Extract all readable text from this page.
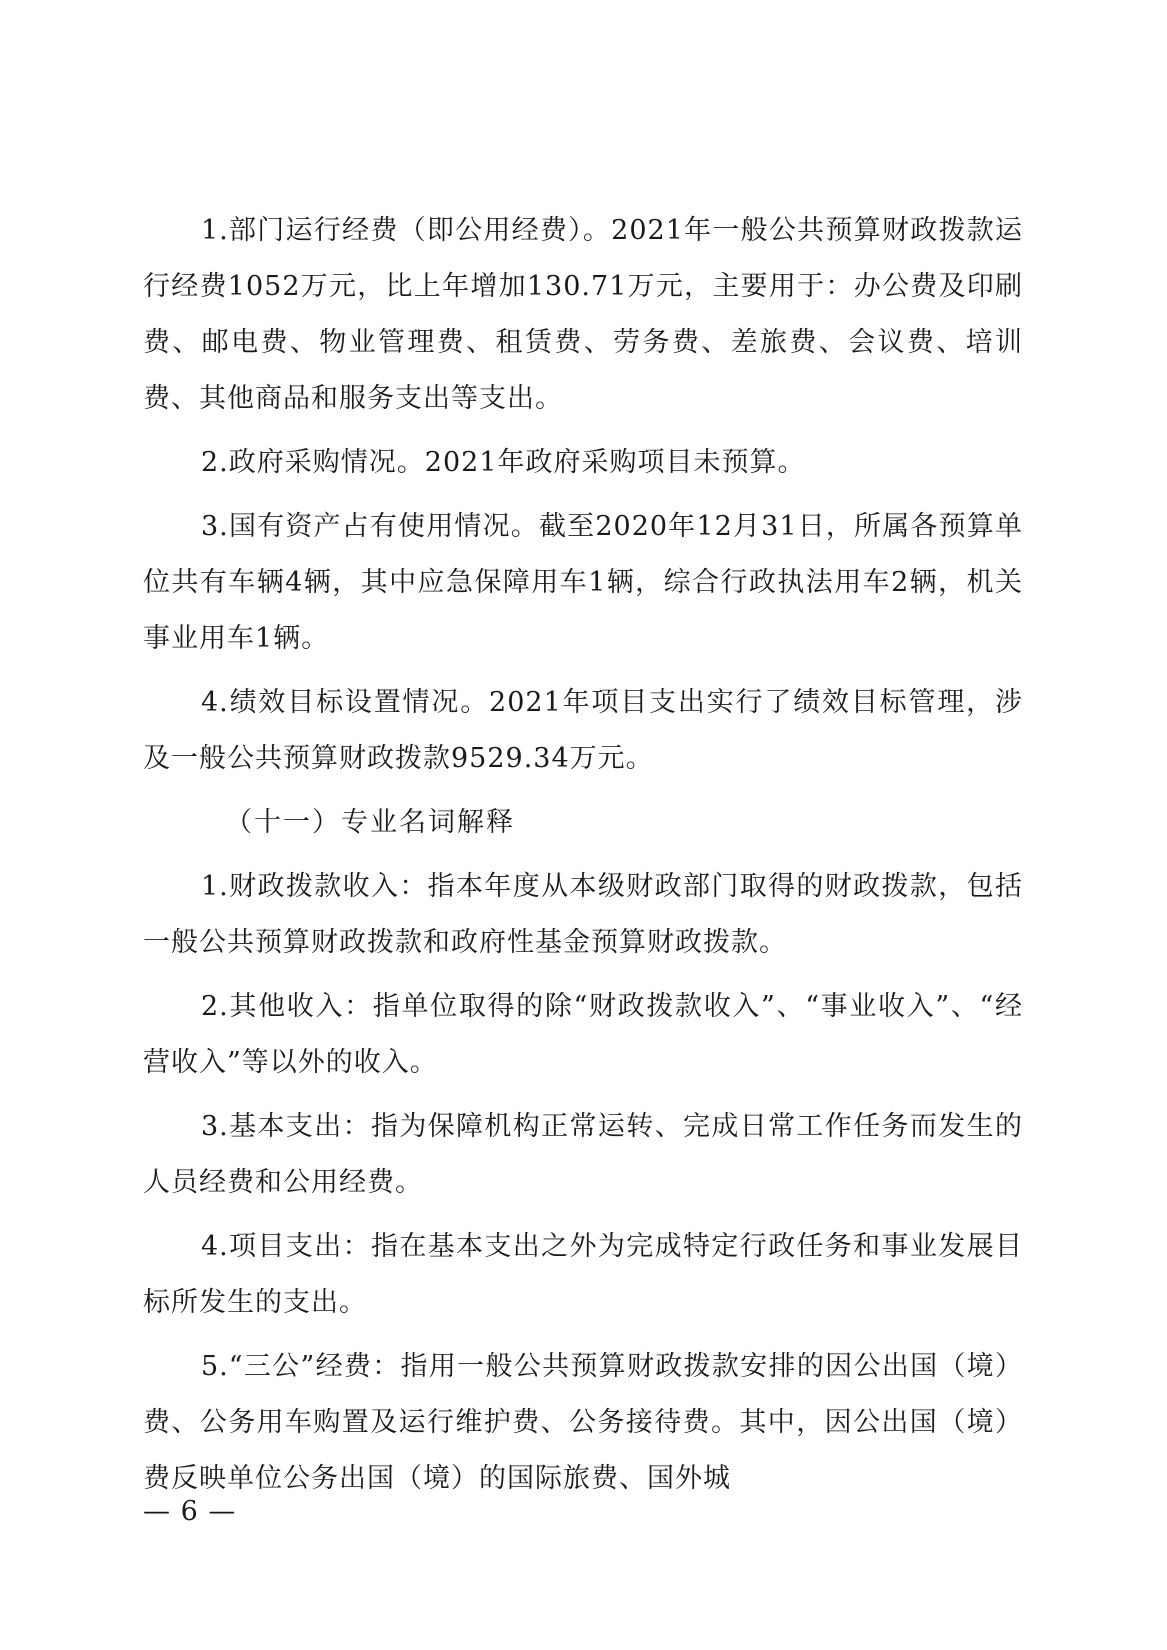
1.部门运行经费（即公用经费）。2021年一般公共预算财政拨款运行经费1052万元，比上年增加130.71万元，主要用于：办公费及印刷费、邮电费、物业管理费、租赁费、劳务费、差旅费、会议费、培训费、其他商品和服务支出等支出。

2.政府采购情况。2021年政府采购项目未预算。

3.国有资产占有使用情况。截至2020年12月31日，所属各预算单位共有车辆4辆，其中应急保障用车1辆，综合行政执法用车2辆，机关事业用车1辆。

4.绩效目标设置情况。2021年项目支出实行了绩效目标管理，涉及一般公共预算财政拨款9529.34万元。

（十一）专业名词解释

1.财政拨款收入：指本年度从本级财政部门取得的财政拨款，包括一般公共预算财政拨款和政府性基金预算财政拨款。

2.其他收入：指单位取得的除“财政拨款收入”、“事业收入”、“经营收入”等以外的收入。

3.基本支出：指为保障机构正常运转、完成日常工作任务而发生的人员经费和公用经费。

4.项目支出：指在基本支出之外为完成特定行政任务和事业发展目标所发生的支出。

5.“三公”经费：指用一般公共预算财政拨款安排的因公出国（境）费、公务用车购置及运行维护费、公务接待费。其中，因公出国（境）费反映单位公务出国（境）的国际旅费、国外城

— 6 —
